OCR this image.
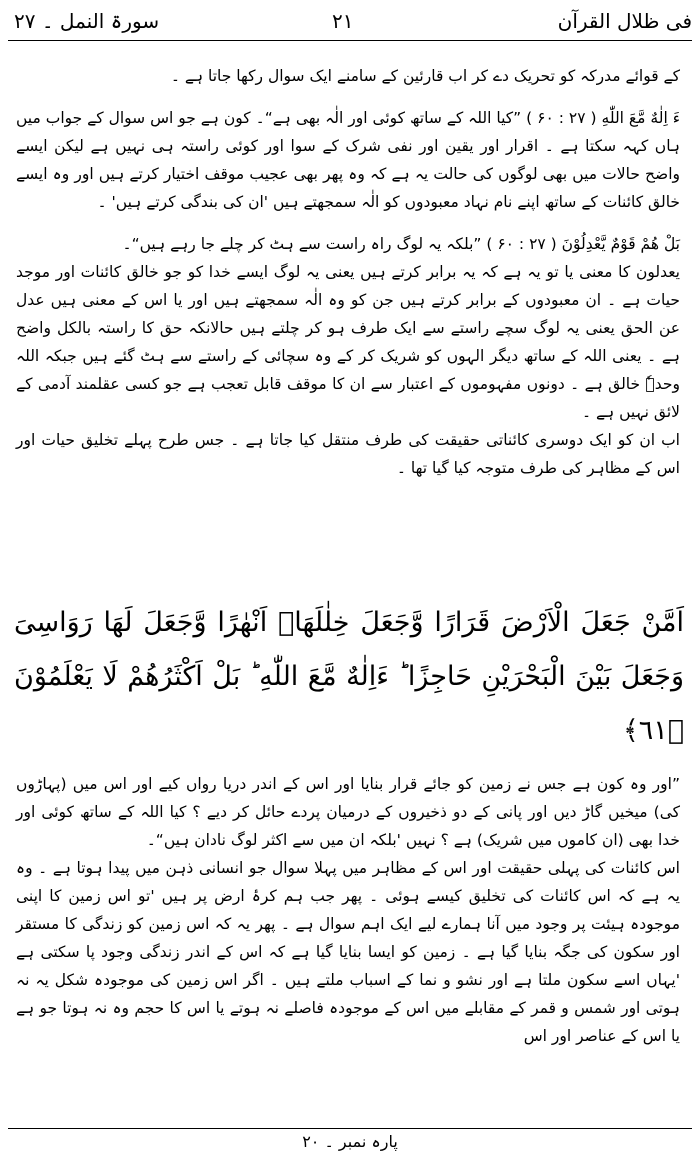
فی ظلال القرآن
۲۱
سورۃ النمل ۔ ۲۷

کے قوائے مدرکہ کو تحریک دے کر اب قارئین کے سامنے ایک سوال رکھا جاتا ہے ۔

ءَ اِلٰهٌ مَّعَ اللّٰهِ ( ۲۷ : ۶۰ ) ”کیا اللہ کے ساتھ کوئی اور الٰہ بھی ہے“۔ کون ہے جو اس سوال کے جواب میں ہاں کہہ سکتا ہے ۔ اقرار اور یقین اور نفی شرک کے سوا اور کوئی راستہ ہی نہیں ہے لیکن ایسے واضح حالات میں بھی لوگوں کی حالت یہ ہے کہ وہ پھر بھی عجیب موقف اختیار کرتے ہیں اور وہ ایسے خالق کائنات کے ساتھ اپنے نام نہاد معبودوں کو الٰہ سمجھتے ہیں 'ان کی بندگی کرتے ہیں' ۔

بَلْ هُمْ قَوْمٌ يَّعْدِلُوْنَ ( ۲۷ : ۶۰ ) ”بلکہ یہ لوگ راہ راست سے ہٹ کر چلے جا رہے ہیں“۔

یعدلون کا معنی یا تو یہ ہے کہ یہ برابر کرتے ہیں یعنی یہ لوگ ایسے خدا کو جو خالق کائنات اور موجد حیات ہے ۔ ان معبودوں کے برابر کرتے ہیں جن کو وہ الٰہ سمجھتے ہیں اور یا اس کے معنی ہیں عدل عن الحق یعنی یہ لوگ سچے راستے سے ایک طرف ہو کر چلتے ہیں حالانکہ حق کا راستہ بالکل واضح ہے ۔ یعنی اللہ کے ساتھ دیگر الہوں کو شریک کر کے وہ سچائی کے راستے سے ہٹ گئے ہیں جبکہ اللہ وحدہٗ خالق ہے ۔ دونوں مفہوموں کے اعتبار سے ان کا موقف قابل تعجب ہے جو کسی عقلمند آدمی کے لائق نہیں ہے ۔

اب ان کو ایک دوسری کائناتی حقیقت کی طرف منتقل کیا جاتا ہے ۔ جس طرح پہلے تخلیق حیات اور اس کے مظاہر کی طرف متوجہ کیا گیا تھا ۔

اَمَّنْ جَعَلَ الْاَرْضَ قَرَارًا وَّجَعَلَ خِلٰلَهَاۤ اَنْهٰرًا وَّجَعَلَ لَهَا رَوَاسِیَ وَجَعَلَ بَیْنَ الْبَحْرَیْنِ حَاجِزًا ؕ ءَاِلٰهٌ مَّعَ اللّٰهِ ؕ بَلْ اَكْثَرُهُمْ لَا یَعْلَمُوْنَ ﴿٦١﴾

”اور وہ کون ہے جس نے زمین کو جائے قرار بنایا اور اس کے اندر دریا رواں کیے اور اس میں (پہاڑوں کی) میخیں گاڑ دیں اور پانی کے دو ذخیروں کے درمیان پردے حائل کر دیے ؟ کیا اللہ کے ساتھ کوئی اور خدا بھی (ان کاموں میں شریک) ہے ؟ نہیں 'بلکہ ان میں سے اکثر لوگ نادان ہیں“۔

اس کائنات کی پہلی حقیقت اور اس کے مظاہر میں پہلا سوال جو انسانی ذہن میں پیدا ہوتا ہے ۔ وہ یہ ہے کہ اس کائنات کی تخلیق کیسے ہوئی ۔ پھر جب ہم کرۂ ارض پر ہیں 'تو اس زمین کا اپنی موجودہ ہیئت پر وجود میں آنا ہمارے لیے ایک اہم سوال ہے ۔ پھر یہ کہ اس زمین کو زندگی کا مستقر اور سکون کی جگہ بنایا گیا ہے ۔ زمین کو ایسا بنایا گیا ہے کہ اس کے اندر زندگی وجود پا سکتی ہے 'یہاں اسے سکون ملتا ہے اور نشو و نما کے اسباب ملتے ہیں ۔ اگر اس زمین کی موجودہ شکل یہ نہ ہوتی اور شمس و قمر کے مقابلے میں اس کے موجودہ فاصلے نہ ہوتے یا اس کا حجم وہ نہ ہوتا جو ہے یا اس کے عناصر اور اس

پارہ نمبر ۔ ۲۰
